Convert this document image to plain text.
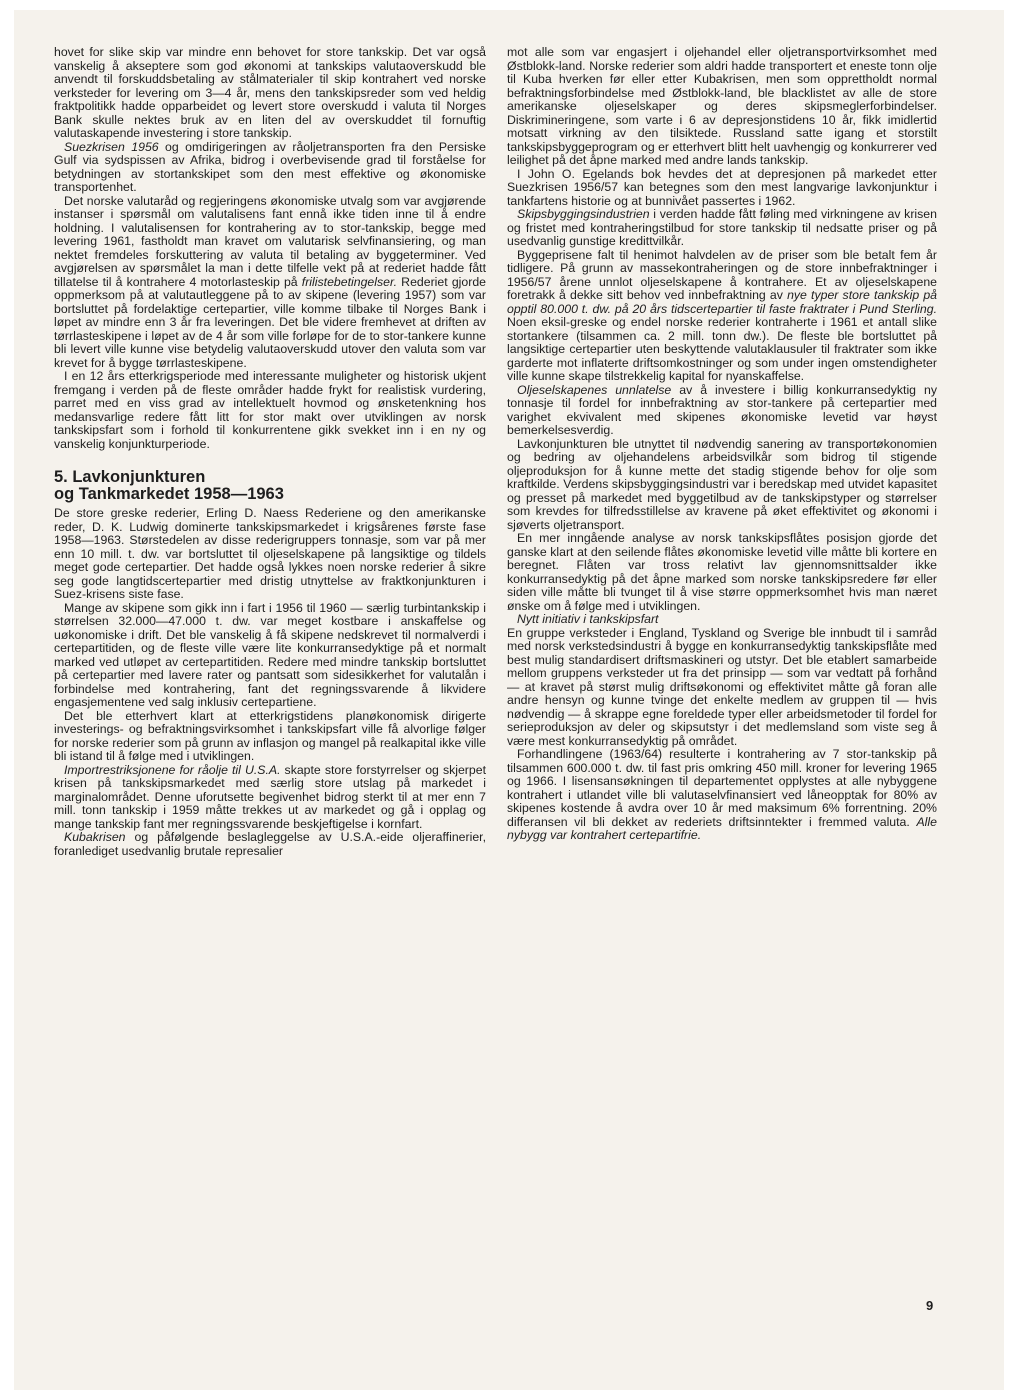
hovet for slike skip var mindre enn behovet for store tankskip. Det var også vanskelig å akseptere som god økonomi at tankskips valutaoverskudd ble anvendt til forskuddsbetaling av stålmaterialer til skip kontrahert ved norske verksteder for levering om 3—4 år, mens den tankskipsreder som ved heldig fraktpolitikk hadde opparbeidet og levert store overskudd i valuta til Norges Bank skulle nektes bruk av en liten del av overskuddet til fornuftig valutaskapende investering i store tankskip.

Suezkrisen 1956 og omdirigeringen av råoljetransporten fra den Persiske Gulf via sydspissen av Afrika, bidrog i overbevisende grad til forståelse for betydningen av stortankskipet som den mest effektive og økonomiske transportenhet.

Det norske valutaråd og regjeringens økonomiske utvalg som var avgjørende instanser i spørsmål om valutalisens fant ennå ikke tiden inne til å endre holdning. I valutalisensen for kontrahering av to stor-tankskip, begge med levering 1961, fastholdt man kravet om valutarisk selvfinansiering, og man nektet fremdeles forskuttering av valuta til betaling av byggeterminer. Ved avgjørelsen av spørsmålet la man i dette tilfelle vekt på at rederiet hadde fått tillatelse til å kontrahere 4 motorlasteskip på frilistebetingelser. Rederiet gjorde oppmerksom på at valutautleggene på to av skipene (levering 1957) som var bortsluttet på fordelaktige certepartier, ville komme tilbake til Norges Bank i løpet av mindre enn 3 år fra leveringen. Det ble videre fremhevet at driften av tørrlasteskipene i løpet av de 4 år som ville forløpe for de to stor-tankere kunne bli levert ville kunne vise betydelig valutaoverskudd utover den valuta som var krevet for å bygge tørrlasteskipene.

I en 12 års etterkrigsperiode med interessante muligheter og historisk ukjent fremgang i verden på de fleste områder hadde frykt for realistisk vurdering, parret med en viss grad av intellektuelt hovmod og ønsketenkning hos medansvarlige redere fått litt for stor makt over utviklingen av norsk tankskipsfart som i forhold til konkurrentene gikk svekket inn i en ny og vanskelig konjunkturperiode.

5. Lavkonjunkturen
og Tankmarkedet 1958—1963

De store greske rederier, Erling D. Naess Rederiene og den amerikanske reder, D. K. Ludwig dominerte tankskipsmarkedet i krigsårenes første fase 1958—1963. Størstedelen av disse rederigruppers tonnasje, som var på mer enn 10 mill. t. dw. var bortsluttet til oljeselskapene på langsiktige og tildels meget gode certepartier. Det hadde også lykkes noen norske rederier å sikre seg gode langtidscertepartier med dristig utnyttelse av fraktkonjunkturen i Suez-krisens siste fase.

Mange av skipene som gikk inn i fart i 1956 til 1960 — særlig turbintankskip i størrelsen 32.000—47.000 t. dw. var meget kostbare i anskaffelse og uøkonomiske i drift. Det ble vanskelig å få skipene nedskrevet til normalverdi i certepartitiden, og de fleste ville være lite konkurransedyktige på et normalt marked ved utløpet av certepartitiden. Redere med mindre tankskip bortsluttet på certepartier med lavere rater og pantsatt som sidesikkerhet for valutalån i forbindelse med kontrahering, fant det regningssvarende å likvidere engasjementene ved salg inklusiv certepartiene.

Det ble etterhvert klart at etterkrigstidens planøkonomisk dirigerte investerings- og befraktningsvirksomhet i tankskipsfart ville få alvorlige følger for norske rederier som på grunn av inflasjon og mangel på realkapital ikke ville bli istand til å følge med i utviklingen.

Importrestriksjonene for råolje til U.S.A. skapte store forstyrrelser og skjerpet krisen på tankskipsmarkedet med særlig store utslag på markedet i marginalområdet. Denne uforutsette begivenhet bidrog sterkt til at mer enn 7 mill. tonn tankskip i 1959 måtte trekkes ut av markedet og gå i opplag og mange tankskip fant mer regningssvarende beskjeftigelse i kornfart.

Kubakrisen og påfølgende beslagleggelse av U.S.A.-eide oljeraffinerier, foranlediget usedvanlig brutale represalier

mot alle som var engasjert i oljehandel eller oljetransportvirksomhet med Østblokk-land. Norske rederier som aldri hadde transportert et eneste tonn olje til Kuba hverken før eller etter Kubakrisen, men som opprettholdt normal befraktningsforbindelse med Østblokk-land, ble blacklistet av alle de store amerikanske oljeselskaper og deres skipsmeglerforbindelser. Diskrimineringene, som varte i 6 av depresjonstidens 10 år, fikk imidlertid motsatt virkning av den tilsiktede. Russland satte igang et storstilt tankskipsbyggeprogram og er etterhvert blitt helt uavhengig og konkurrerer ved leilighet på det åpne marked med andre lands tankskip.

I John O. Egelands bok hevdes det at depresjonen på markedet etter Suezkrisen 1956/57 kan betegnes som den mest langvarige lavkonjunktur i tankfartens historie og at bunnivået passertes i 1962.

Skipsbyggingsindustrien i verden hadde fått føling med virkningene av krisen og fristet med kontraheringstilbud for store tankskip til nedsatte priser og på usedvanlig gunstige kredittvilkår.

Byggeprisene falt til henimot halvdelen av de priser som ble betalt fem år tidligere. På grunn av massekontraheringen og de store innbefraktninger i 1956/57 årene unnlot oljeselskapene å kontrahere. Et av oljeselskapene foretrakk å dekke sitt behov ved innbefraktning av nye typer store tankskip på opptil 80.000 t. dw. på 20 års tidscertepartier til faste fraktrater i Pund Sterling. Noen eksil-greske og endel norske rederier kontraherte i 1961 et antall slike stortankere (tilsammen ca. 2 mill. tonn dw.). De fleste ble bortsluttet på langsiktige certepartier uten beskyttende valutaklausuler til fraktrater som ikke garderte mot inflaterte driftsomkostninger og som under ingen omstendigheter ville kunne skape tilstrekkelig kapital for nyanskaffelse.

Oljeselskapenes unnlatelse av å investere i billig konkurransedyktig ny tonnasje til fordel for innbefraktning av stor-tankere på certepartier med varighet ekvivalent med skipenes økonomiske levetid var høyst bemerkelsesverdig.

Lavkonjunkturen ble utnyttet til nødvendig sanering av transportøkonomien og bedring av oljehandelens arbeidsvilkår som bidrog til stigende oljeproduksjon for å kunne mette det stadig stigende behov for olje som kraftkilde. Verdens skipsbyggingsindustri var i beredskap med utvidet kapasitet og presset på markedet med byggetilbud av de tankskipstyper og størrelser som krevdes for tilfredsstillelse av kravene på øket effektivitet og økonomi i sjøverts oljetransport.

En mer inngående analyse av norsk tankskipsflåtes posisjon gjorde det ganske klart at den seilende flåtes økonomiske levetid ville måtte bli kortere en beregnet. Flåten var tross relativt lav gjennomsnittsalder ikke konkurransedyktig på det åpne marked som norske tankskipsredere før eller siden ville måtte bli tvunget til å vise større oppmerksomhet hvis man næret ønske om å følge med i utviklingen.

Nytt initiativ i tankskipsfart

En gruppe verksteder i England, Tyskland og Sverige ble innbudt til i samråd med norsk verkstedsindustri å bygge en konkurransedyktig tankskipsflåte med best mulig standardisert driftsmaskineri og utstyr. Det ble etablert samarbeide mellom gruppens verksteder ut fra det prinsipp — som var vedtatt på forhånd — at kravet på størst mulig driftsøkonomi og effektivitet måtte gå foran alle andre hensyn og kunne tvinge det enkelte medlem av gruppen til — hvis nødvendig — å skrappe egne foreldede typer eller arbeidsmetoder til fordel for serieproduksjon av deler og skipsutstyr i det medlemsland som viste seg å være mest konkurransedyktig på området.

Forhandlingene (1963/64) resulterte i kontrahering av 7 stor-tankskip på tilsammen 600.000 t. dw. til fast pris omkring 450 mill. kroner for levering 1965 og 1966. I lisensansøkningen til departementet opplystes at alle nybyggene kontrahert i utlandet ville bli valutaselvfinansiert ved låneopptak for 80% av skipenes kostende å avdra over 10 år med maksimum 6% forrentning. 20% differansen vil bli dekket av rederiets driftsinntekter i fremmed valuta. Alle nybygg var kontrahert certepartifrie.

9
